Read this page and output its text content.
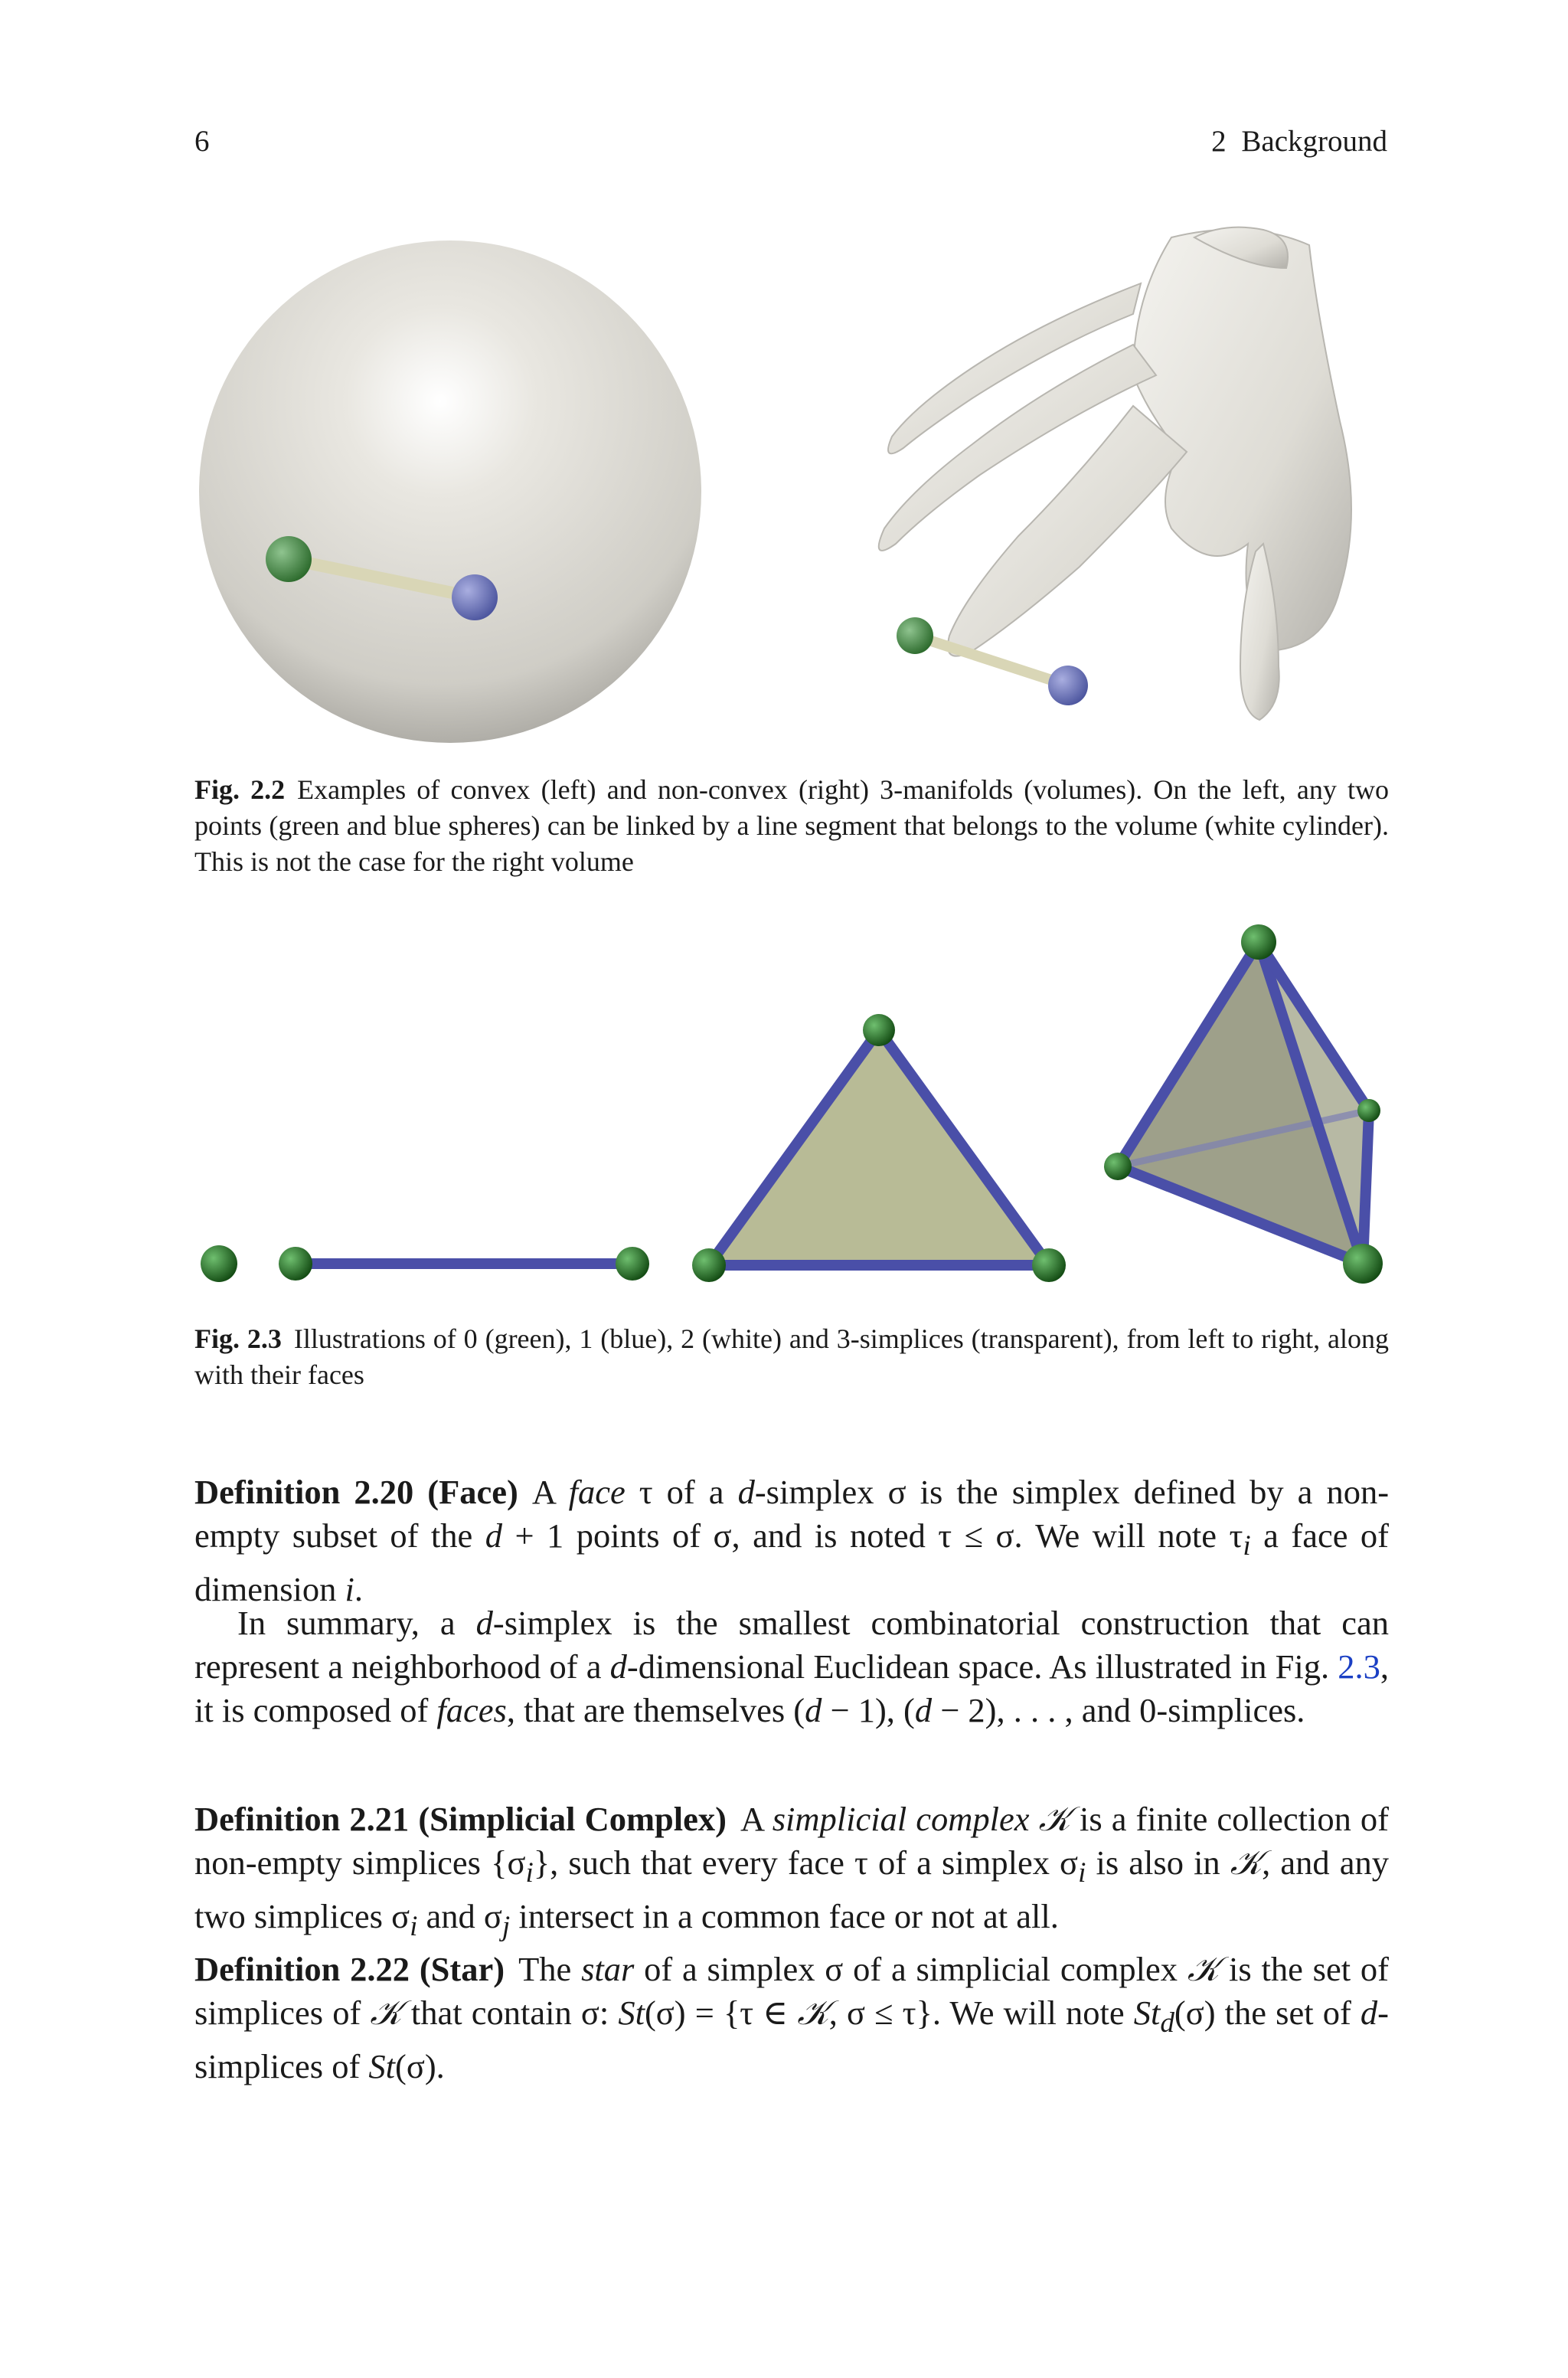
6	2 Background
Fig. 2.2 Examples of convex (left) and non-convex (right) 3-manifolds (volumes). On the left, any two points (green and blue spheres) can be linked by a line segment that belongs to the volume (white cylinder). This is not the case for the right volume
Fig. 2.3 Illustrations of 0 (green), 1 (blue), 2 (white) and 3-simplices (transparent), from left to right, along with their faces

Definition 2.20 (Face) A face τ of a d-simplex σ is the simplex defined by a non-empty subset of the d + 1 points of σ, and is noted τ ≤ σ. We will note $\tau_i$ a face of dimension i.

In summary, a d-simplex is the smallest combinatorial construction that can represent a neighborhood of a d-dimensional Euclidean space. As illustrated in Fig. 2.3, it is composed of faces, that are themselves (d − 1), (d − 2), . . . , and 0-simplices.

Definition 2.21 (Simplicial Complex) A simplicial complex 𝒦 is a finite collection of non-empty simplices $\{\sigma_i\}$, such that every face τ of a simplex $\sigma_i$ is also in 𝒦, and any two simplices $\sigma_i$ and $\sigma_j$ intersect in a common face or not at all.

Definition 2.22 (Star) The star of a simplex σ of a simplicial complex 𝒦 is the set of simplices of 𝒦 that contain σ: St(σ) = {τ ∈ 𝒦, σ ≤ τ}. We will note $St_d(\sigma)$ the set of d-simplices of St(σ).
